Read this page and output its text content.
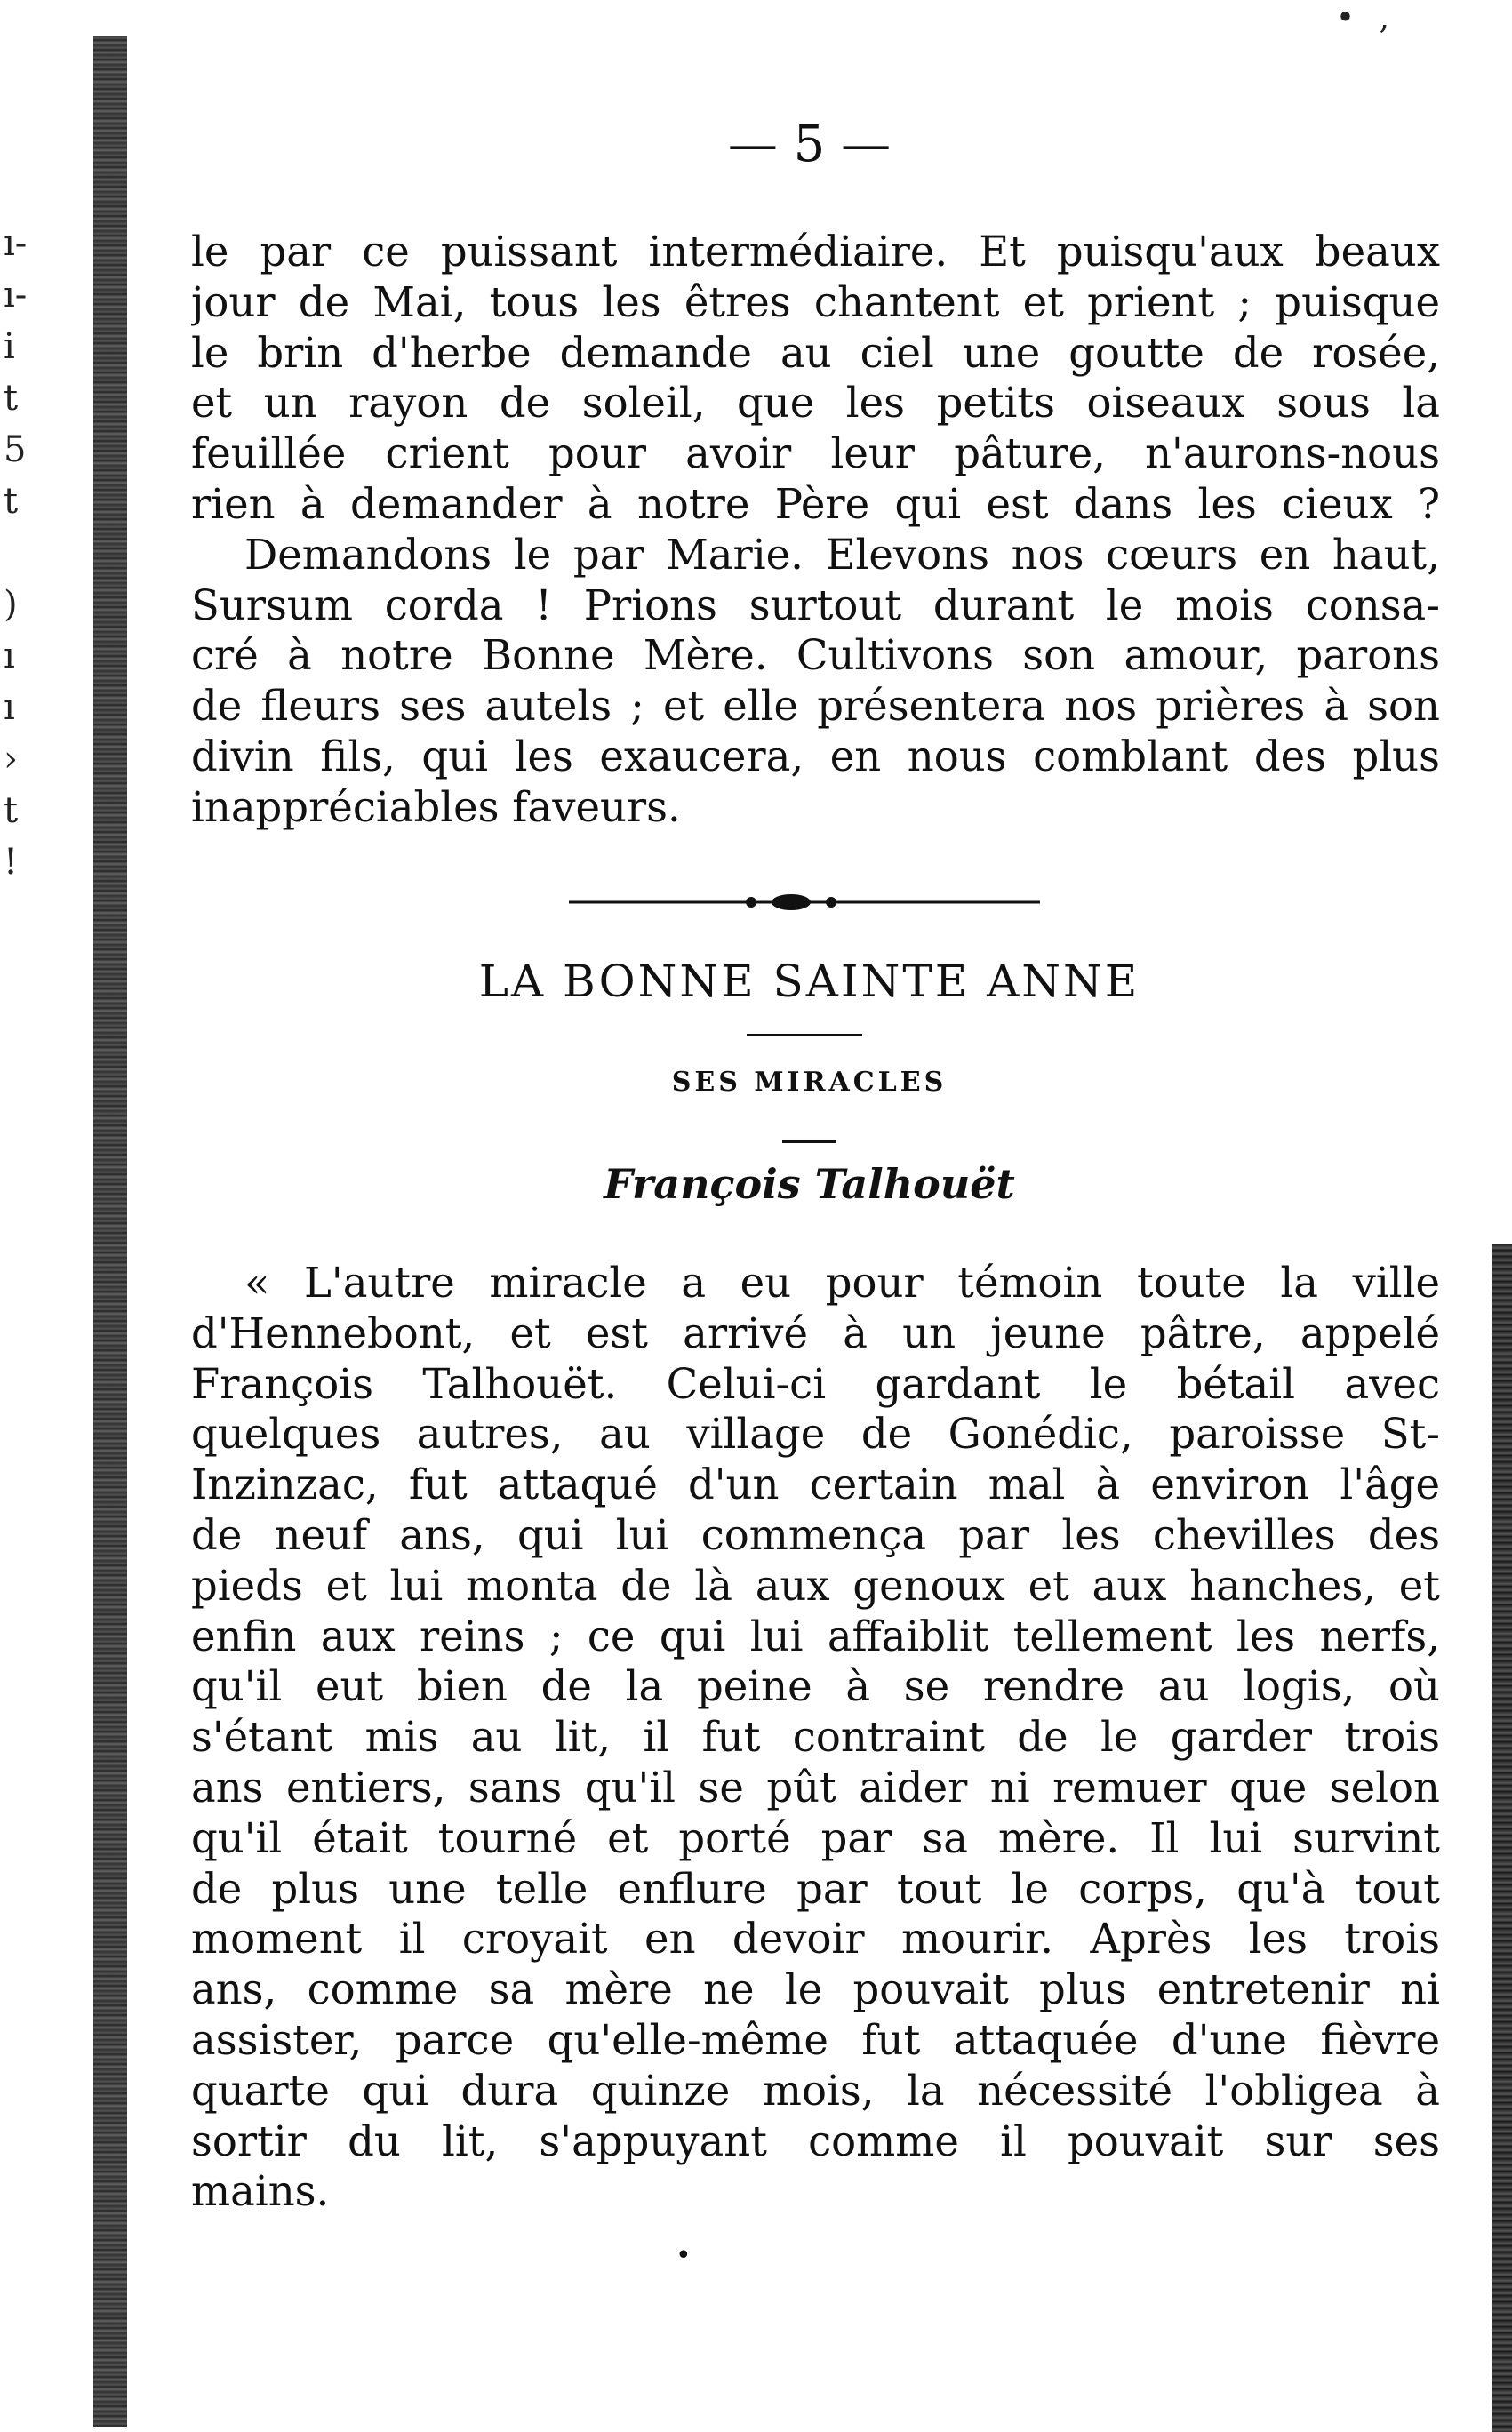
ı-
ı-
i
t
5
t

)
ı
ı
›
t
!
• ,
— 5 —
le par ce puissant intermédiaire. Et puisqu'aux beaux
jour de Mai, tous les êtres chantent et prient ; puisque
le brin d'herbe demande au ciel une goutte de rosée,
et un rayon de soleil, que les petits oiseaux sous la
feuillée crient pour avoir leur pâture, n'aurons-nous
rien à demander à notre Père qui est dans les cieux ?
Demandons le par Marie. Elevons nos cœurs en haut,
Sursum corda ! Prions surtout durant le mois consa-
cré à notre Bonne Mère. Cultivons son amour, parons
de fleurs ses autels ; et elle présentera nos prières à son
divin fils, qui les exaucera, en nous comblant des plus
inappréciables faveurs.
LA BONNE SAINTE ANNE
SES MIRACLES
François Talhouët
« L'autre miracle a eu pour témoin toute la ville
d'Hennebont, et est arrivé à un jeune pâtre, appelé
François Talhouët. Celui-ci gardant le bétail avec
quelques autres, au village de Gonédic, paroisse St-
Inzinzac, fut attaqué d'un certain mal à environ l'âge
de neuf ans, qui lui commença par les chevilles des
pieds et lui monta de là aux genoux et aux hanches, et
enfin aux reins ; ce qui lui affaiblit tellement les nerfs,
qu'il eut bien de la peine à se rendre au logis, où
s'étant mis au lit, il fut contraint de le garder trois
ans entiers, sans qu'il se pût aider ni remuer que selon
qu'il était tourné et porté par sa mère. Il lui survint
de plus une telle enflure par tout le corps, qu'à tout
moment il croyait en devoir mourir. Après les trois
ans, comme sa mère ne le pouvait plus entretenir ni
assister, parce qu'elle-même fut attaquée d'une fièvre
quarte qui dura quinze mois, la nécessité l'obligea à
sortir du lit, s'appuyant comme il pouvait sur ses
mains.
•
